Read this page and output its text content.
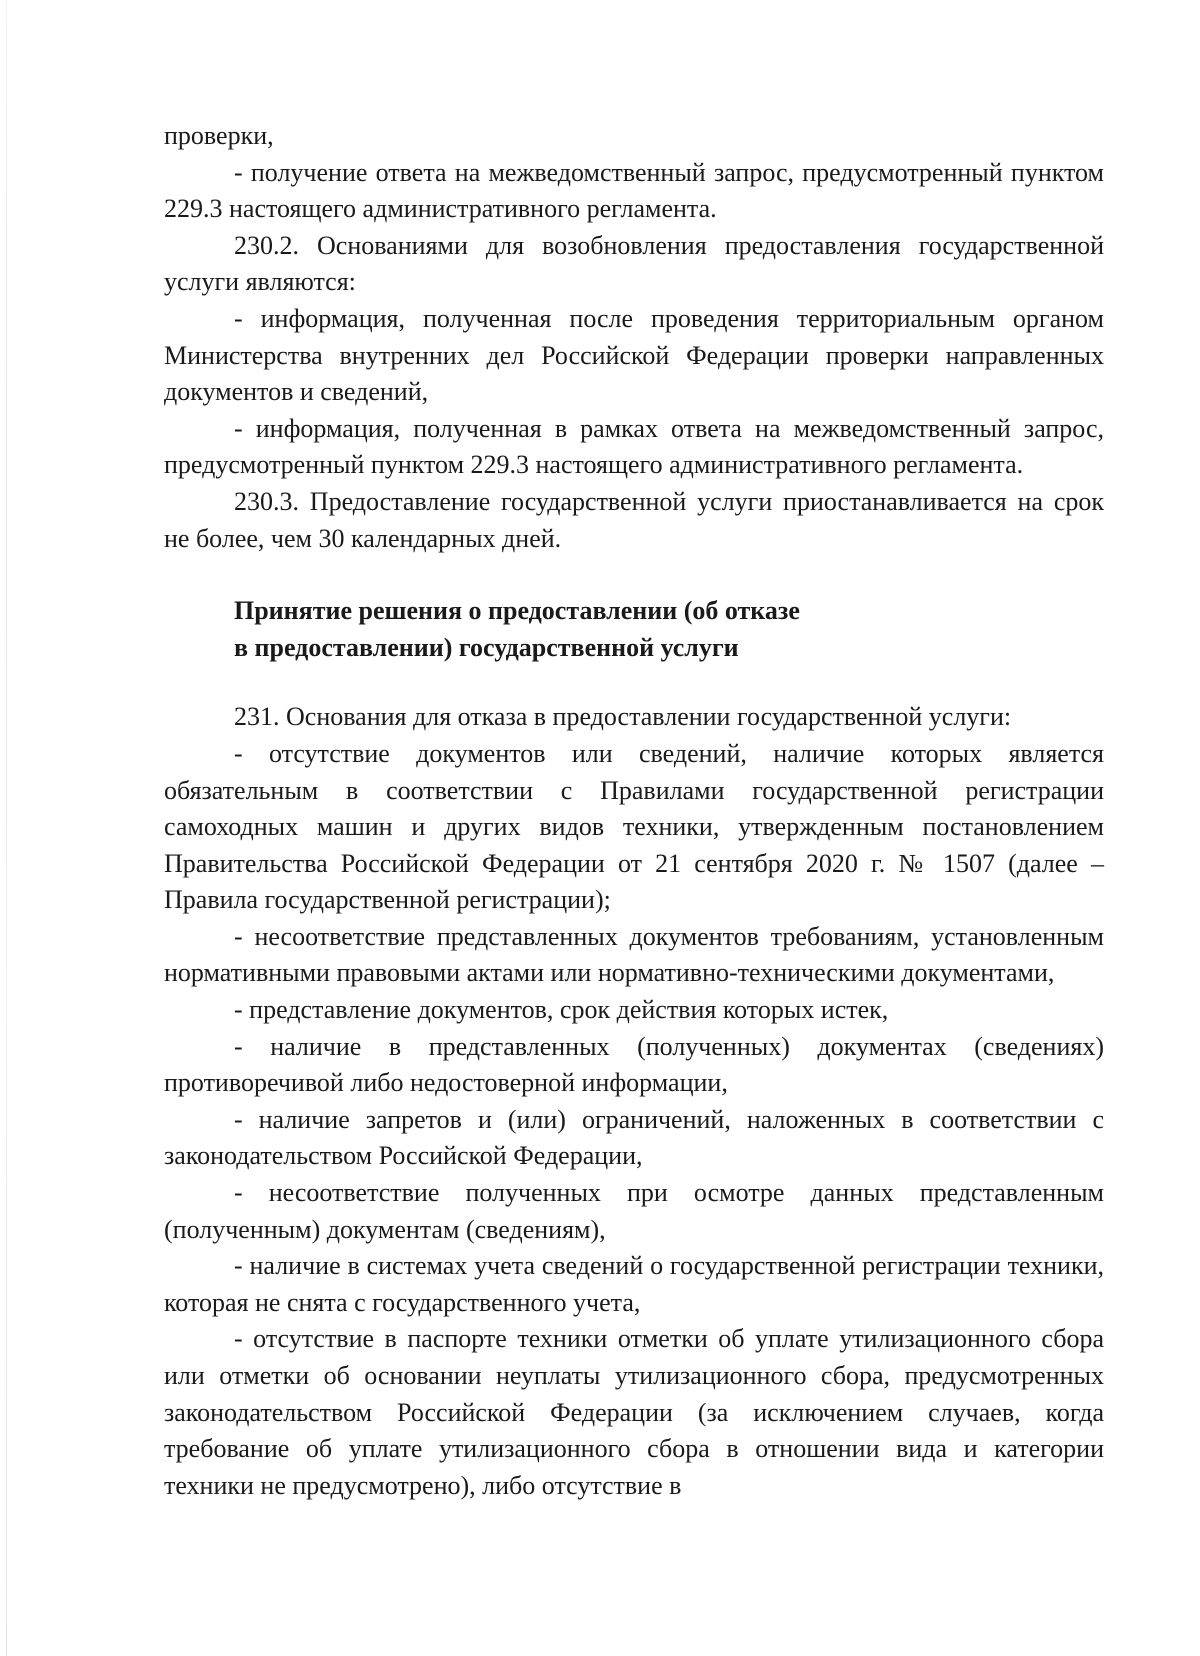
проверки,

- получение ответа на межведомственный запрос, предусмотренный пунктом 229.3 настоящего административного регламента.

230.2. Основаниями для возобновления предоставления государственной услуги являются:

- информация, полученная после проведения территориальным органом Министерства внутренних дел Российской Федерации проверки направленных документов и сведений,

- информация, полученная в рамках ответа на межведомственный запрос, предусмотренный пунктом 229.3 настоящего административного регламента.

230.3. Предоставление государственной услуги приостанавливается на срок не более, чем 30 календарных дней.

Принятие решения о предоставлении (об отказе

в предоставлении) государственной услуги

231. Основания для отказа в предоставлении государственной услуги:

- отсутствие документов или сведений, наличие которых является обязательным в соответствии с Правилами государственной регистрации самоходных машин и других видов техники, утвержденным постановлением Правительства Российской Федерации от 21 сентября 2020 г. № 1507 (далее – Правила государственной регистрации);

- несоответствие представленных документов требованиям, установленным нормативными правовыми актами или нормативно-техническими документами,

- представление документов, срок действия которых истек,

- наличие в представленных (полученных) документах (сведениях) противоречивой либо недостоверной информации,

- наличие запретов и (или) ограничений, наложенных в соответствии с законодательством Российской Федерации,

- несоответствие полученных при осмотре данных представленным (полученным) документам (сведениям),

- наличие в системах учета сведений о государственной регистрации техники, которая не снята с государственного учета,

- отсутствие в паспорте техники отметки об уплате утилизационного сбора или отметки об основании неуплаты утилизационного сбора, предусмотренных законодательством Российской Федерации (за исключением случаев, когда требование об уплате утилизационного сбора в отношении вида и категории техники не предусмотрено), либо отсутствие в
